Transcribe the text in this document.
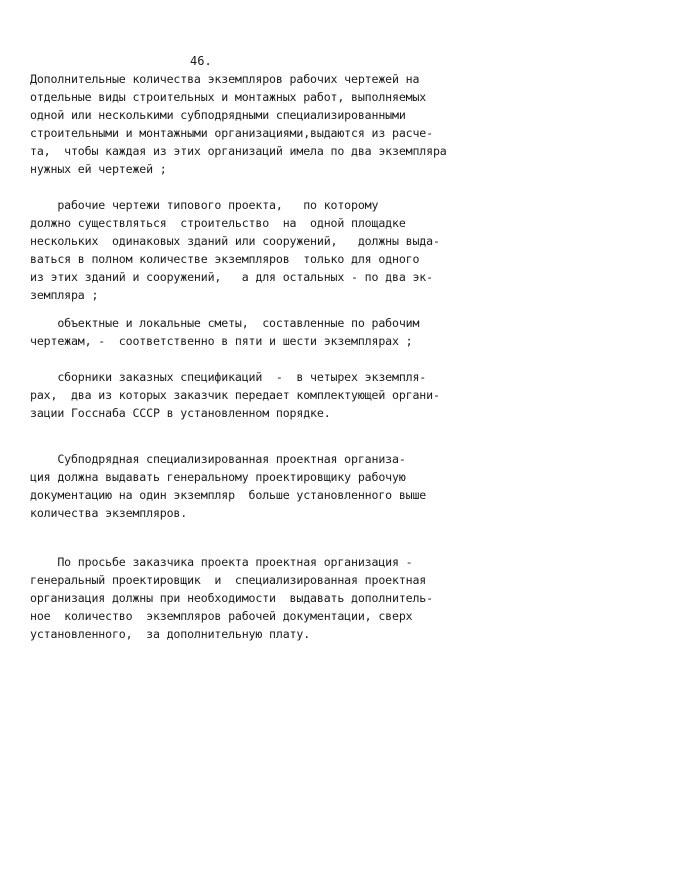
46.
Дополнительные количества экземпляров рабочих чертежей на
отдельные виды строительных и монтажных работ, выполняемых
одной или несколькими субподрядными специализированными
строительными и монтажными организациями,выдаются из расче-
та,  чтобы каждая из этих организаций имела по два экземпляра
нужных ей чертежей ;
рабочие чертежи типового проекта,   по которому
должно существляться  строительство  на  одной площадке
нескольких  одинаковых зданий или сооружений,   должны выда-
ваться в полном количестве экземпляров  только для одного
из этих зданий и сооружений,   а для остальных - по два эк-
земпляра ;
объектные и локальные сметы,  составленные по рабочим
чертежам, -  соответственно в пяти и шести экземплярах ;
сборники заказных спецификаций  -  в четырех экземпля-
рах,  два из которых заказчик передает комплектующей органи-
зации Госснаба СССР в установленном порядке.
Субподрядная специализированная проектная организа-
ция должна выдавать генеральному проектировщику рабочую
документацию на один экземпляр  больше установленного выше
количества экземпляров.
По просьбе заказчика проекта проектная организация -
генеральный проектировщик  и  специализированная проектная
организация должны при необходимости  выдавать дополнитель-
ное  количество  экземпляров рабочей документации, сверх
установленного,  за дополнительную плату.
